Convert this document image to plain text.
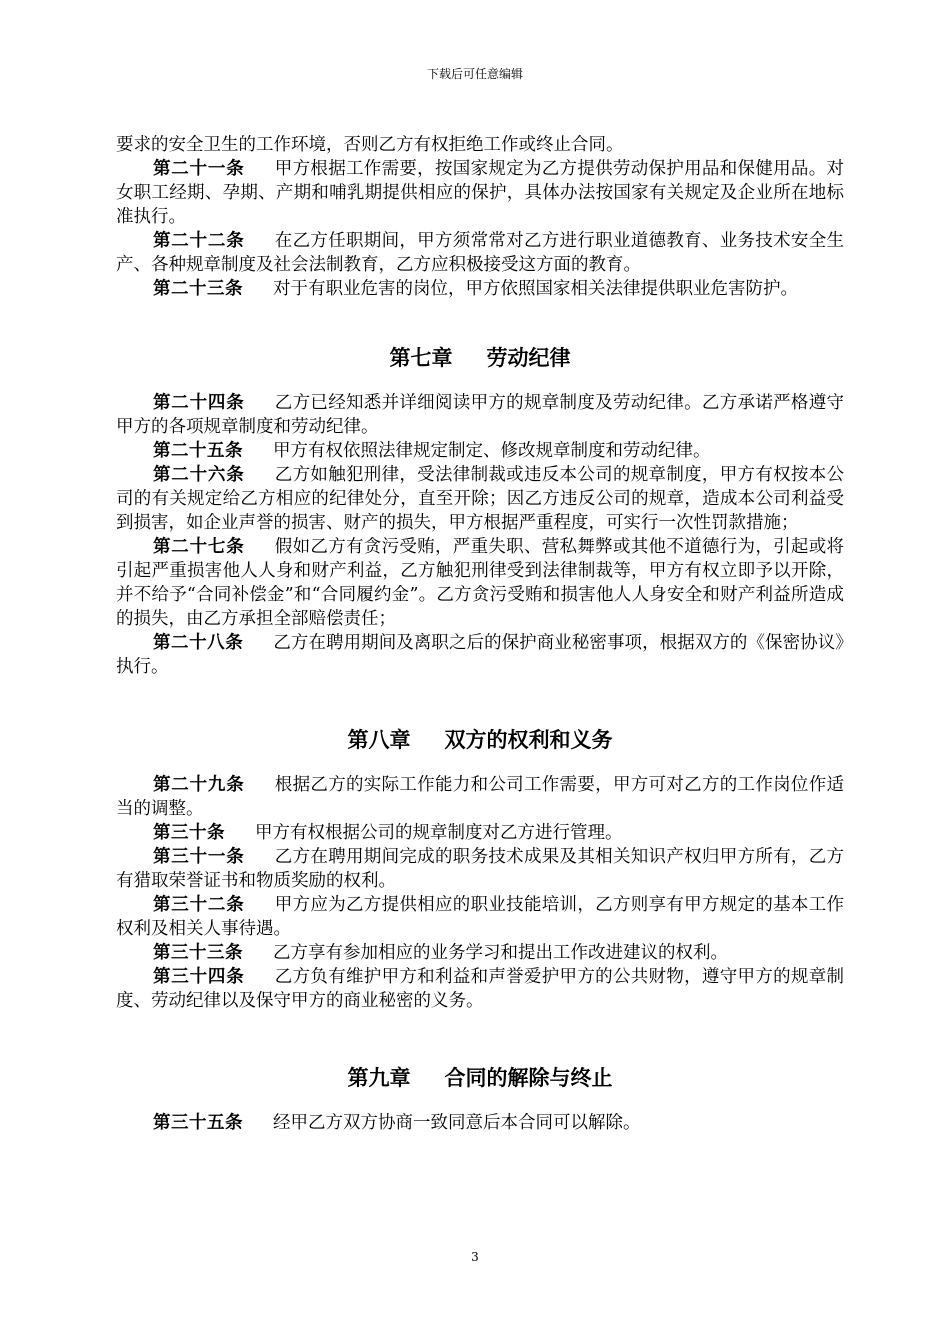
下载后可任意编辑

要求的安全卫生的工作环境，否则乙方有权拒绝工作或终止合同。

第二十一条 甲方根据工作需要，按国家规定为乙方提供劳动保护用品和保健用品。对女职工经期、孕期、产期和哺乳期提供相应的保护，具体办法按国家有关规定及企业所在地标准执行。

第二十二条 在乙方任职期间，甲方须常常对乙方进行职业道德教育、业务技术安全生产、各种规章制度及社会法制教育，乙方应积极接受这方面的教育。

第二十三条 对于有职业危害的岗位，甲方依照国家相关法律提供职业危害防护。

第七章 劳动纪律

第二十四条 乙方已经知悉并详细阅读甲方的规章制度及劳动纪律。乙方承诺严格遵守甲方的各项规章制度和劳动纪律。

第二十五条 甲方有权依照法律规定制定、修改规章制度和劳动纪律。

第二十六条 乙方如触犯刑律，受法律制裁或违反本公司的规章制度，甲方有权按本公司的有关规定给乙方相应的纪律处分，直至开除；因乙方违反公司的规章，造成本公司利益受到损害，如企业声誉的损害、财产的损失，甲方根据严重程度，可实行一次性罚款措施；

第二十七条 假如乙方有贪污受贿，严重失职、营私舞弊或其他不道德行为，引起或将引起严重损害他人人身和财产利益，乙方触犯刑律受到法律制裁等，甲方有权立即予以开除，并不给予“合同补偿金”和“合同履约金”。乙方贪污受贿和损害他人人身安全和财产利益所造成的损失，由乙方承担全部赔偿责任；

第二十八条 乙方在聘用期间及离职之后的保护商业秘密事项，根据双方的《保密协议》执行。

第八章 双方的权利和义务

第二十九条 根据乙方的实际工作能力和公司工作需要，甲方可对乙方的工作岗位作适当的调整。

第三十条 甲方有权根据公司的规章制度对乙方进行管理。

第三十一条 乙方在聘用期间完成的职务技术成果及其相关知识产权归甲方所有，乙方有猎取荣誉证书和物质奖励的权利。

第三十二条 甲方应为乙方提供相应的职业技能培训，乙方则享有甲方规定的基本工作权利及相关人事待遇。

第三十三条 乙方享有参加相应的业务学习和提出工作改进建议的权利。

第三十四条 乙方负有维护甲方和利益和声誉爱护甲方的公共财物，遵守甲方的规章制度、劳动纪律以及保守甲方的商业秘密的义务。

第九章 合同的解除与终止

第三十五条 经甲乙方双方协商一致同意后本合同可以解除。

3
